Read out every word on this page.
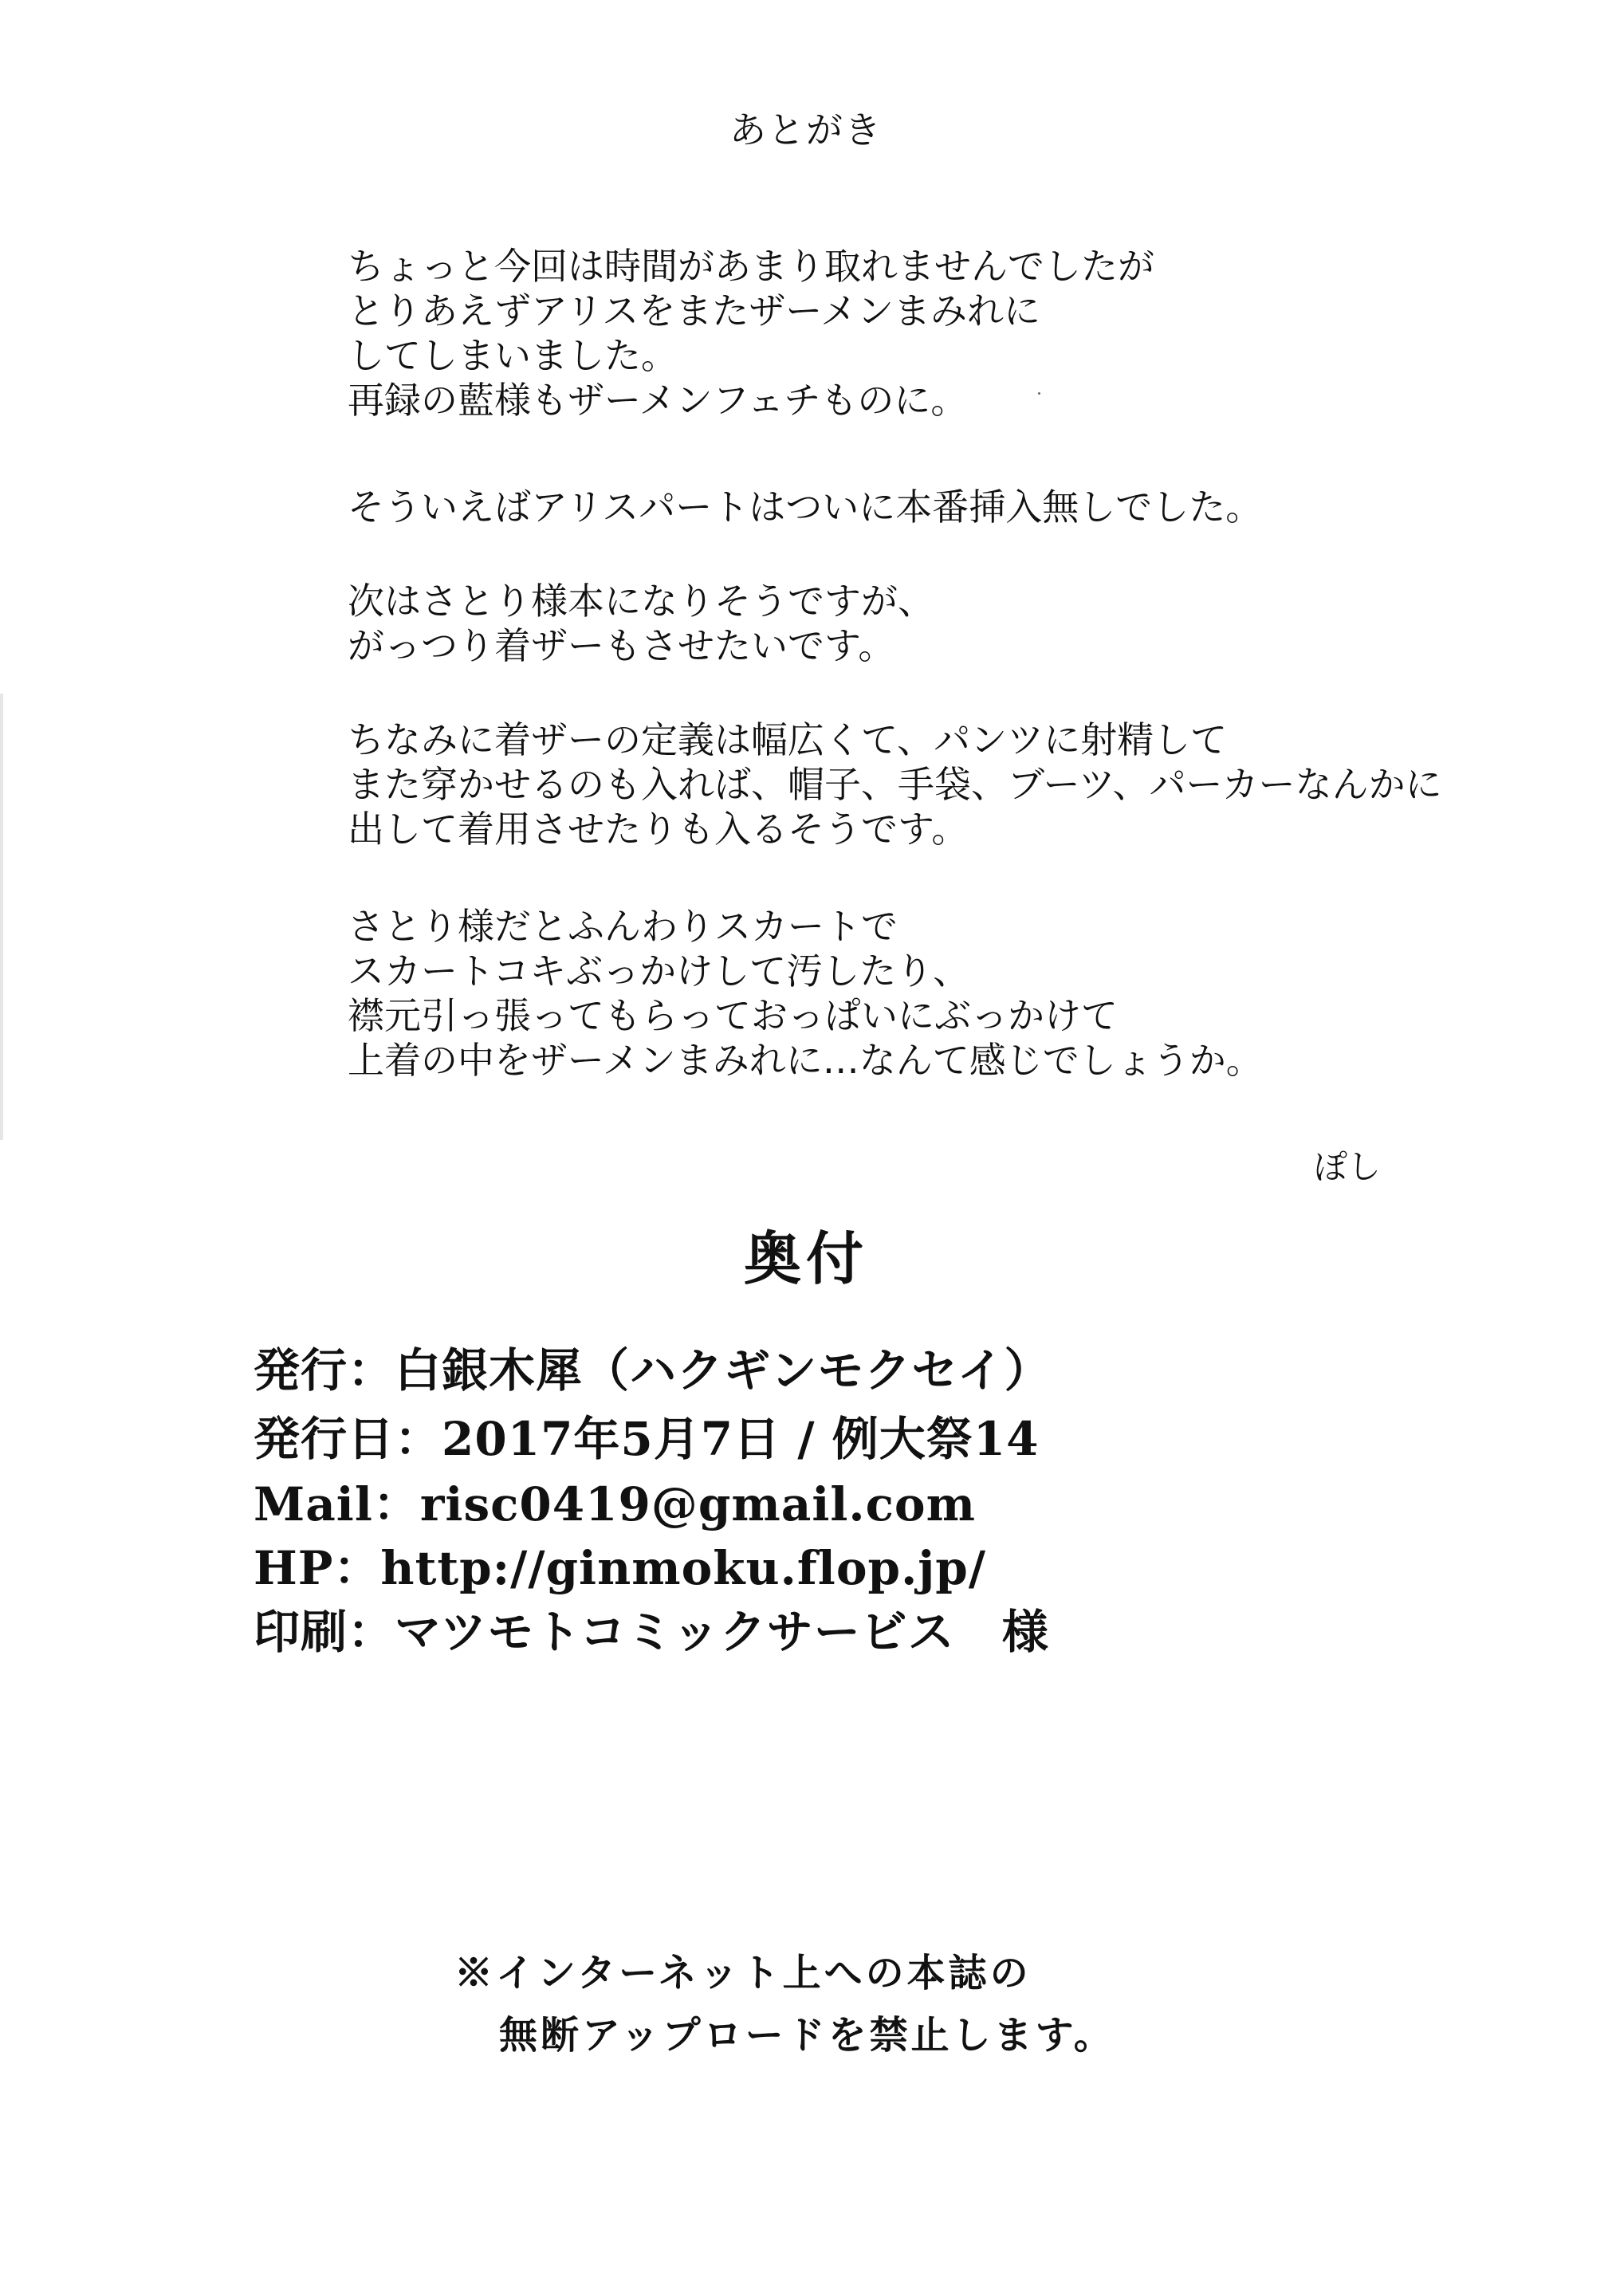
あとがき
ちょっと今回は時間があまり取れませんでしたが
とりあえずアリスをまたザーメンまみれに
してしまいました。
再録の藍様もザーメンフェチものに。
そういえばアリスパートはついに本番挿入無しでした。
次はさとり様本になりそうですが、
がっつり着ザーもさせたいです。
ちなみに着ザーの定義は幅広くて、パンツに射精して
また穿かせるのも入れば、帽子、手袋、ブーツ、パーカーなんかに
出して着用させたりも入るそうです。
さとり様だとふんわりスカートで
スカートコキぶっかけして汚したり、
襟元引っ張ってもらっておっぱいにぶっかけて
上着の中をザーメンまみれに…なんて感じでしょうか。
ぽし
奥付
発行：白銀木犀（ハクギンモクセイ）
発行日：2017年5月7日 / 例大祭14
Mail：risc0419@gmail.com
HP：http://ginmoku.flop.jp/
印刷：マツモトコミックサービス　様
※インターネット上への本誌の
無断アップロードを禁止します。
